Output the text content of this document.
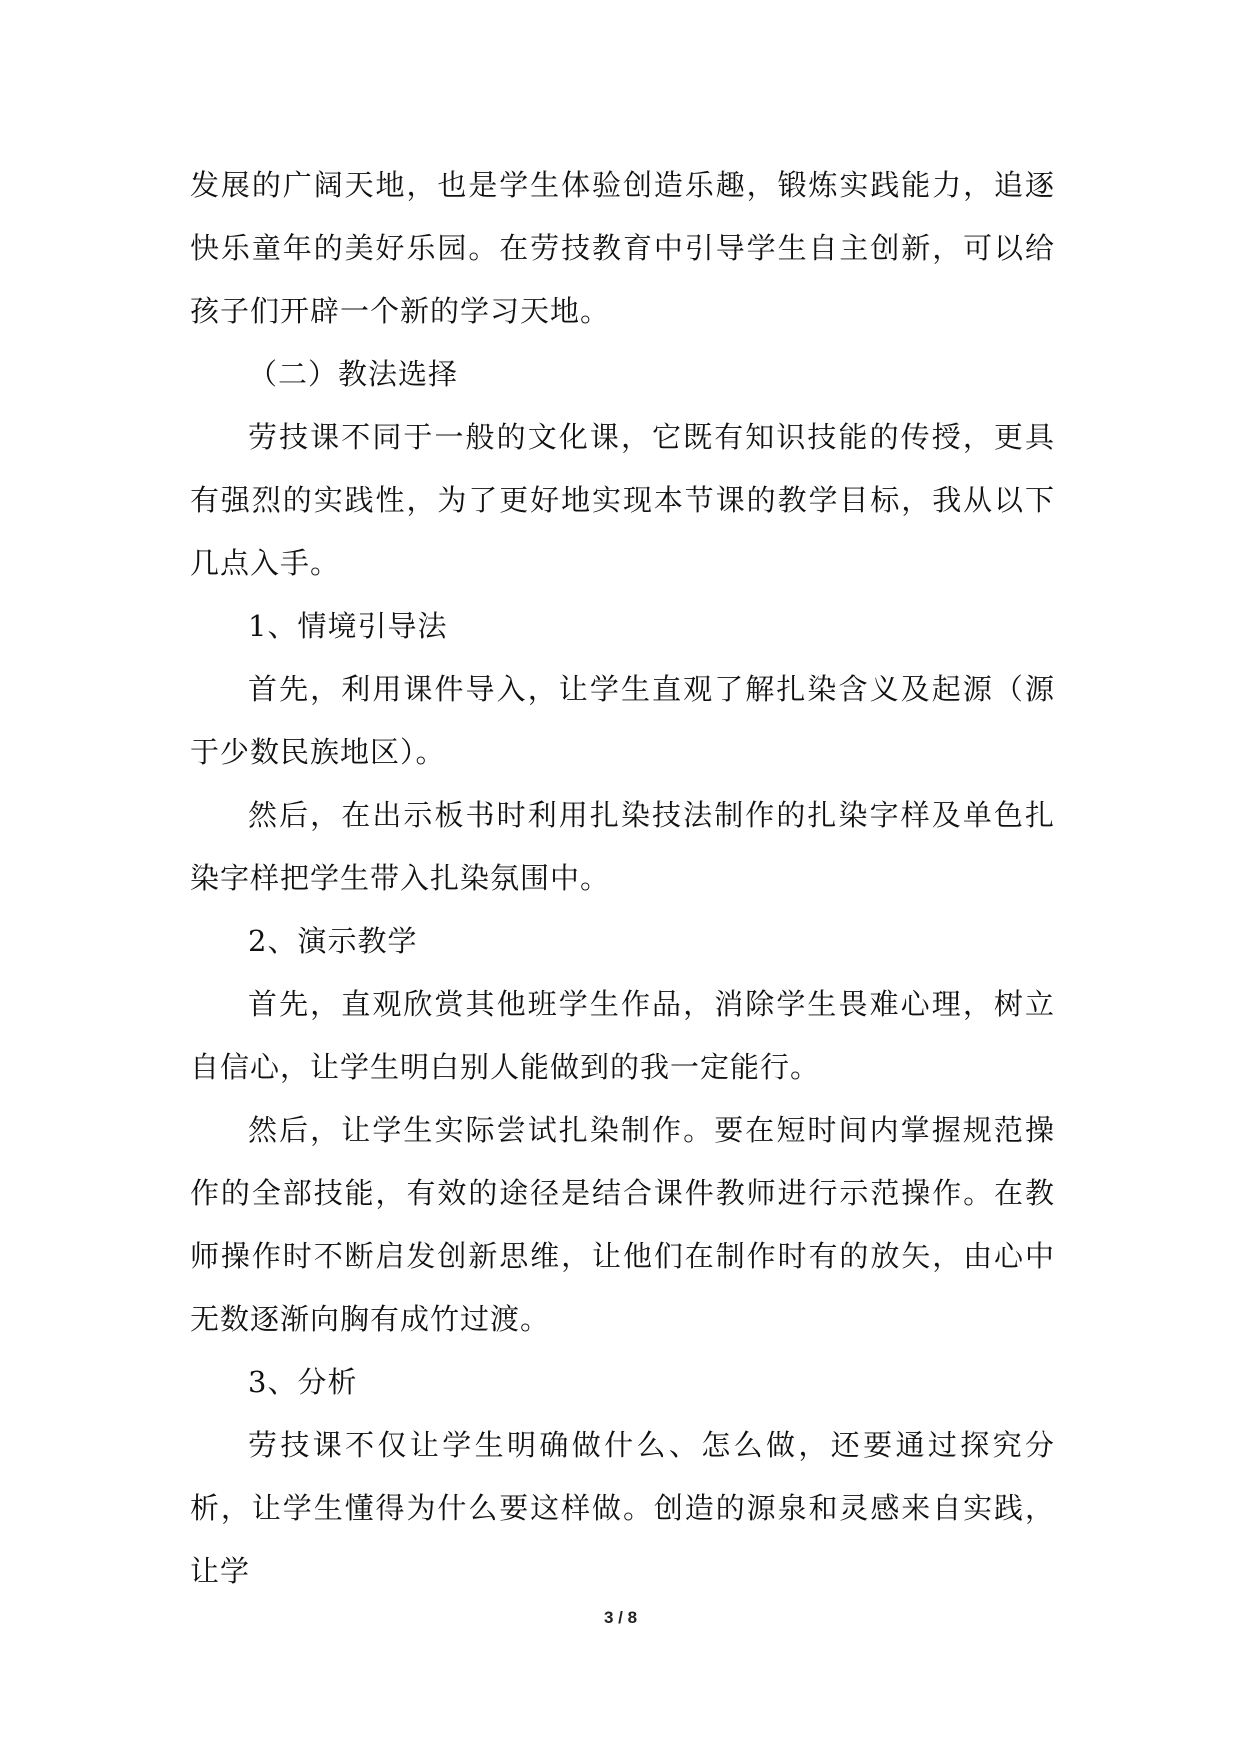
发展的广阔天地，也是学生体验创造乐趣，锻炼实践能力，追逐快乐童年的美好乐园。在劳技教育中引导学生自主创新，可以给孩子们开辟一个新的学习天地。

（二）教法选择

劳技课不同于一般的文化课，它既有知识技能的传授，更具有强烈的实践性，为了更好地实现本节课的教学目标，我从以下几点入手。

1、情境引导法

首先，利用课件导入，让学生直观了解扎染含义及起源（源于少数民族地区）。

然后，在出示板书时利用扎染技法制作的扎染字样及单色扎染字样把学生带入扎染氛围中。

2、演示教学

首先，直观欣赏其他班学生作品，消除学生畏难心理，树立自信心，让学生明白别人能做到的我一定能行。

然后，让学生实际尝试扎染制作。要在短时间内掌握规范操作的全部技能，有效的途径是结合课件教师进行示范操作。在教师操作时不断启发创新思维，让他们在制作时有的放矢，由心中无数逐渐向胸有成竹过渡。

3、分析

劳技课不仅让学生明确做什么、怎么做，还要通过探究分析，让学生懂得为什么要这样做。创造的源泉和灵感来自实践，让学

3 / 8
